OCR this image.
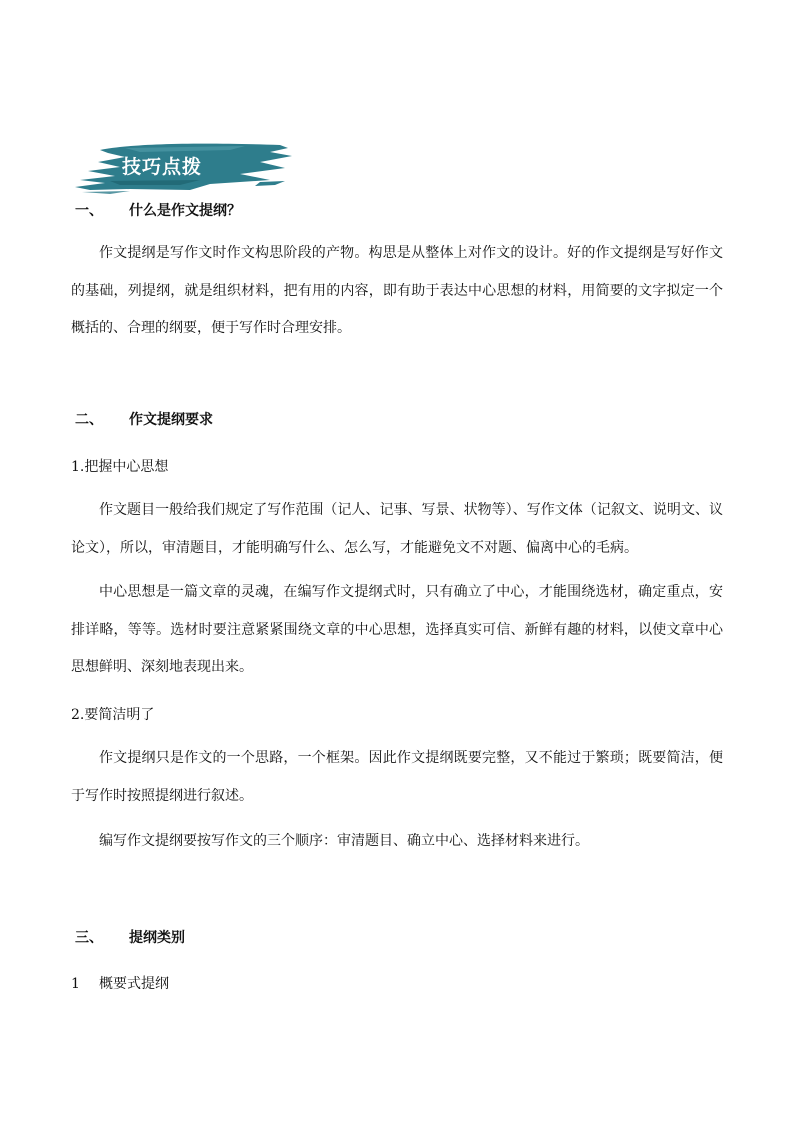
技巧点拨
一、 什么是作文提纲？
作文提纲是写作文时作文构思阶段的产物。构思是从整体上对作文的设计。好的作文提纲是写好作文的基础，列提纲，就是组织材料，把有用的内容，即有助于表达中心思想的材料，用简要的文字拟定一个概括的、合理的纲要，便于写作时合理安排。
二、 作文提纲要求
1.把握中心思想
作文题目一般给我们规定了写作范围（记人、记事、写景、状物等）、写作文体（记叙文、说明文、议论文），所以，审清题目，才能明确写什么、怎么写，才能避免文不对题、偏离中心的毛病。
中心思想是一篇文章的灵魂，在编写作文提纲式时，只有确立了中心，才能围绕选材，确定重点，安排详略，等等。选材时要注意紧紧围绕文章的中心思想，选择真实可信、新鲜有趣的材料，以使文章中心思想鲜明、深刻地表现出来。
2.要简洁明了
作文提纲只是作文的一个思路，一个框架。因此作文提纲既要完整，又不能过于繁琐；既要简洁，便于写作时按照提纲进行叙述。
编写作文提纲要按写作文的三个顺序：审清题目、确立中心、选择材料来进行。
三、 提纲类别
1 概要式提纲
